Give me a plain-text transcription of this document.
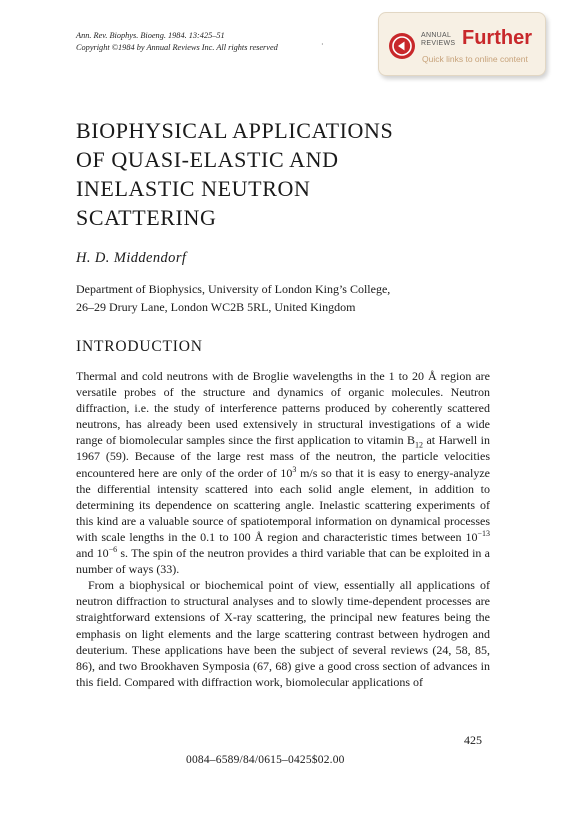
Ann. Rev. Biophys. Bioeng. 1984. 13:425–51
Copyright ©1984 by Annual Reviews Inc. All rights reserved	·
ANNUAL
REVIEWS Further
Quick links to online content
BIOPHYSICAL APPLICATIONS
OF QUASI-ELASTIC AND
INELASTIC NEUTRON
SCATTERING
H. D. Middendorf
Department of Biophysics, University of London King’s College,
26–29 Drury Lane, London WC2B 5RL, United Kingdom
INTRODUCTION
Thermal and cold neutrons with de Broglie wavelengths in the 1 to 20 Å region are versatile probes of the structure and dynamics of organic molecules. Neutron diffraction, i.e. the study of interference patterns produced by coherently scattered neutrons, has already been used extensively in structural investigations of a wide range of biomolecular samples since the first application to vitamin $B_{12}$ at Harwell in 1967 (59). Because of the large rest mass of the neutron, the particle velocities encountered here are only of the order of $10^3$ m/s so that it is easy to energy-analyze the differential intensity scattered into each solid angle element, in addition to determining its dependence on scattering angle. Inelastic scattering experiments of this kind are a valuable source of spatiotemporal information on dynamical processes with scale lengths in the 0.1 to 100 Å region and characteristic times between $10^{-13}$ and $10^{-6}$ s. The spin of the neutron provides a third variable that can be exploited in a number of ways (33).
From a biophysical or biochemical point of view, essentially all applications of neutron diffraction to structural analyses and to slowly time-dependent processes are straightforward extensions of X-ray scattering, the principal new features being the emphasis on light elements and the large scattering contrast between hydrogen and deuterium. These applications have been the subject of several reviews (24, 58, 85, 86), and two Brookhaven Symposia (67, 68) give a good cross section of advances in this field. Compared with diffraction work, biomolecular applications of
425
0084–6589/84/0615–0425$02.00
